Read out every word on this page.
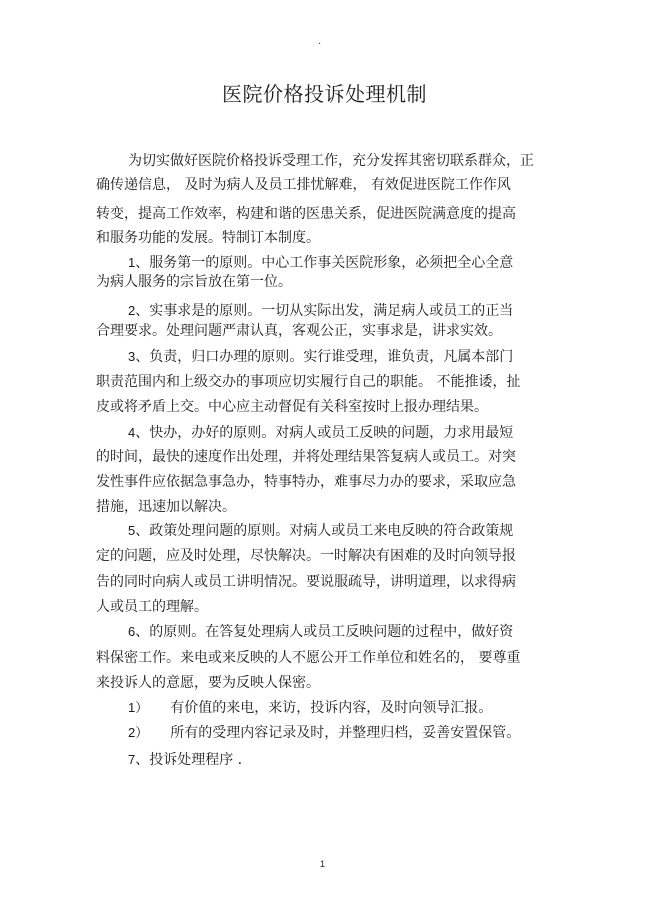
.
医院价格投诉处理机制
为切实做好医院价格投诉受理工作，充分发挥其密切联系群众，正
确传递信息， 及时为病人及员工排忧解难， 有效促进医院工作作风
转变，提高工作效率，构建和谐的医患关系，促进医院满意度的提高
和服务功能的发展。特制订本制度。
1、服务第一的原则。中心工作事关医院形象，必须把全心全意
为病人服务的宗旨放在第一位。
2、实事求是的原则。一切从实际出发，满足病人或员工的正当
合理要求。处理问题严肃认真，客观公正，实事求是，讲求实效。
3、负责，归口办理的原则。实行谁受理，谁负责，凡属本部门
职责范围内和上级交办的事项应切实履行自己的职能。 不能推诿，扯
皮或将矛盾上交。中心应主动督促有关科室按时上报办理结果。
4、快办，办好的原则。对病人或员工反映的问题，力求用最短
的时间，最快的速度作出处理，并将处理结果答复病人或员工。对突
发性事件应依据急事急办，特事特办，难事尽力办的要求，采取应急
措施，迅速加以解决。
5、政策处理问题的原则。对病人或员工来电反映的符合政策规
定的问题，应及时处理，尽快解决。一时解决有困难的及时向领导报
告的同时向病人或员工讲明情况。要说服疏导，讲明道理，以求得病
人或员工的理解。
6、的原则。在答复处理病人或员工反映问题的过程中，做好资
料保密工作。来电或来反映的人不愿公开工作单位和姓名的， 要尊重
来投诉人的意愿，要为反映人保密。
1） 有价值的来电，来访，投诉内容，及时向领导汇报。
2） 所有的受理内容记录及时，并整理归档，妥善安置保管。
7、投诉处理程序 .
1
